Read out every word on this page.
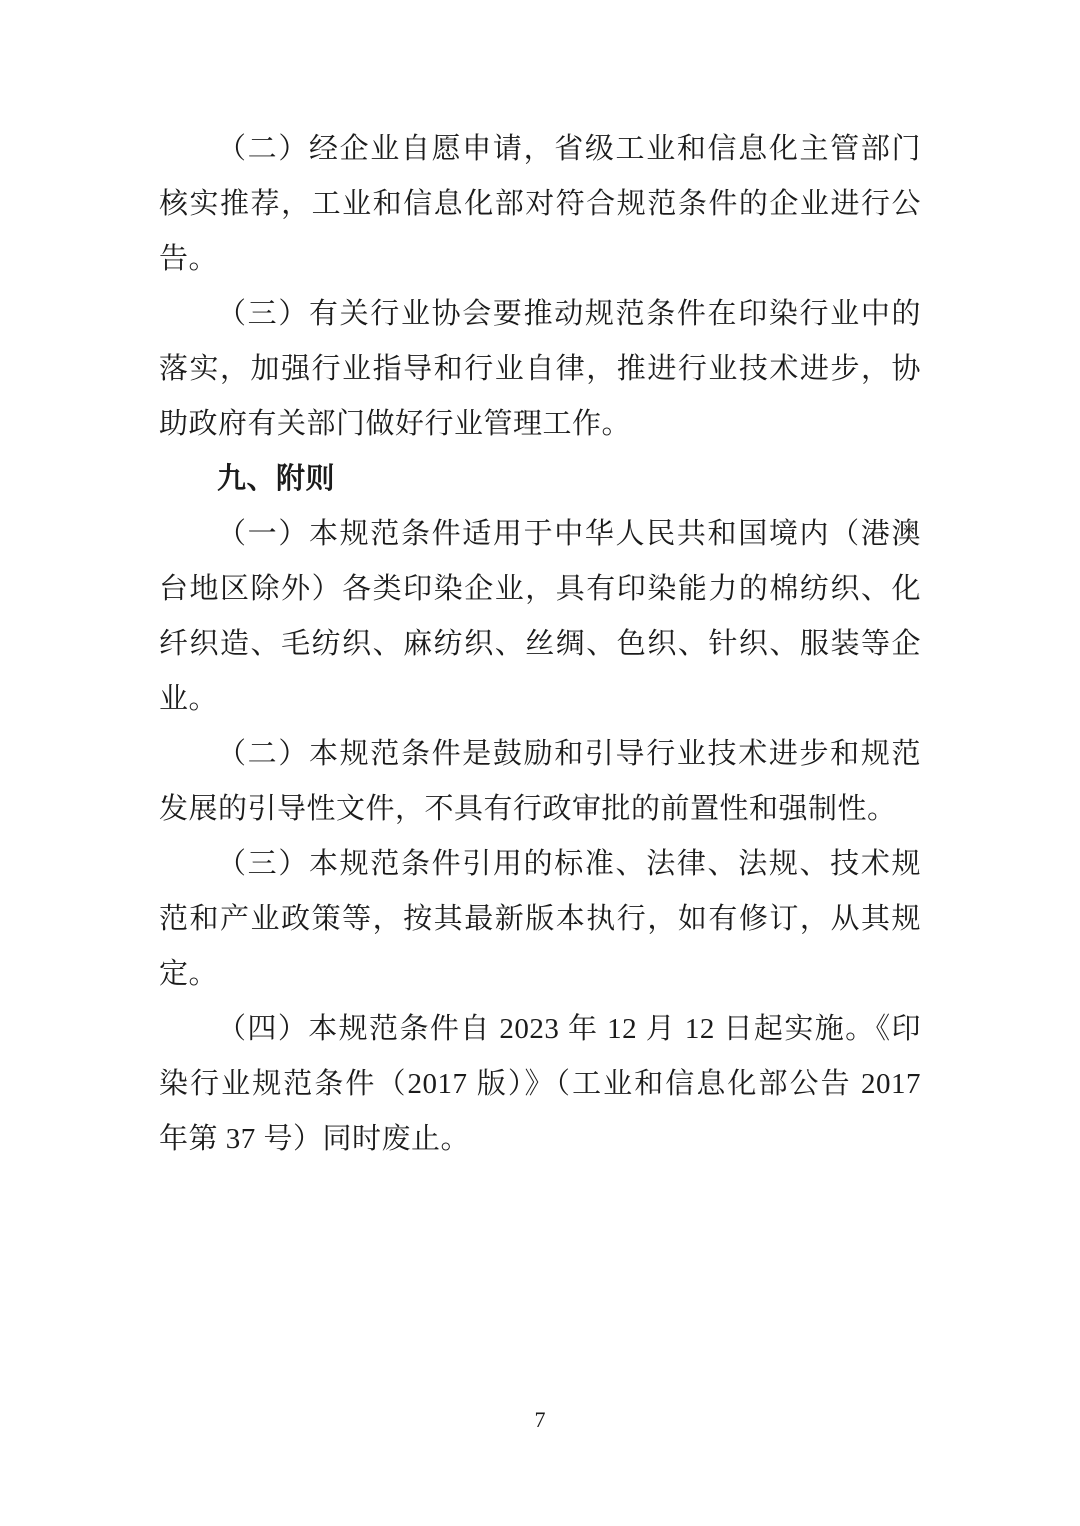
（二）经企业自愿申请，省级工业和信息化主管部门核实推荐，工业和信息化部对符合规范条件的企业进行公告。

（三）有关行业协会要推动规范条件在印染行业中的落实，加强行业指导和行业自律，推进行业技术进步，协助政府有关部门做好行业管理工作。

九、附则

（一）本规范条件适用于中华人民共和国境内（港澳台地区除外）各类印染企业，具有印染能力的棉纺织、化纤织造、毛纺织、麻纺织、丝绸、色织、针织、服装等企业。

（二）本规范条件是鼓励和引导行业技术进步和规范发展的引导性文件，不具有行政审批的前置性和强制性。

（三）本规范条件引用的标准、法律、法规、技术规范和产业政策等，按其最新版本执行，如有修订，从其规定。

（四）本规范条件自 2023 年 12 月 12 日起实施。《印染行业规范条件（2017 版）》（工业和信息化部公告 2017 年第 37 号）同时废止。

7
